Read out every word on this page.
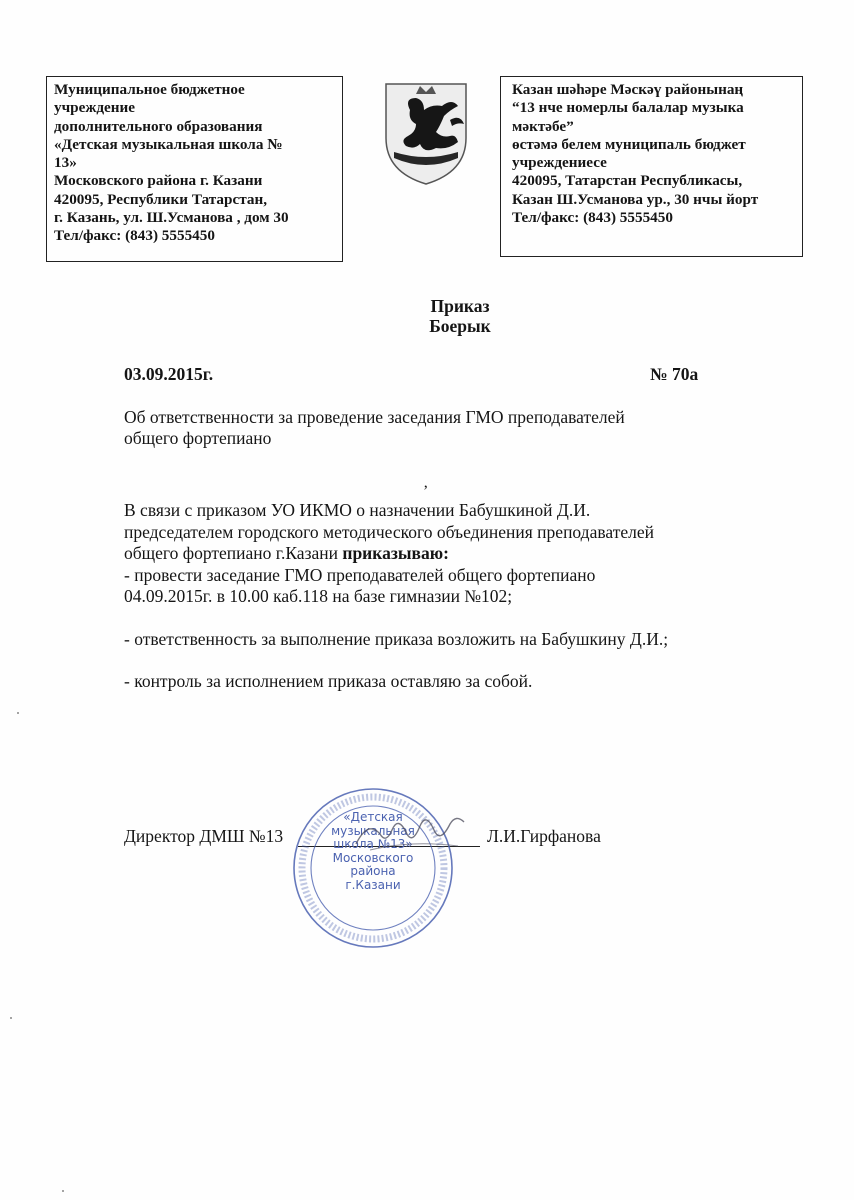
Муниципальное бюджетное
учреждение
дополнительного образования
«Детская музыкальная школа №
13»
Московского района г. Казани
420095, Республики Татарстан,
г. Казань, ул. Ш.Усманова , дом 30
Тел/факс: (843) 5555450
Казан шәһәре Мәскәү районынаң
“13 нче номерлы балалар музыка
мәктәбе”
өстәмә белем муниципаль бюджет
учреждениесе
420095, Татарстан Республикасы,
Казан Ш.Усманова ур., 30 нчы йорт
Тел/факс: (843) 5555450
Приказ
Боерык
03.09.2015г.	№ 70а
Об ответственности за проведение заседания ГМО преподавателей
общего фортепиано
‚
В связи с приказом УО ИКМО о назначении Бабушкиной Д.И.
председателем городского методического объединения преподавателей
общего фортепиано г.Казани приказываю:
- провести заседание ГМО преподавателей общего фортепиано
04.09.2015г. в 10.00 каб.118 на базе гимназии №102;
- ответственность за выполнение приказа возложить на Бабушкину Д.И.;
- контроль за исполнением приказа оставляю за собой.
Директор ДМШ №13	Л.И.Гирфанова
«Детская
музыкальная
школа №13»
Московского
района
г.Казани
